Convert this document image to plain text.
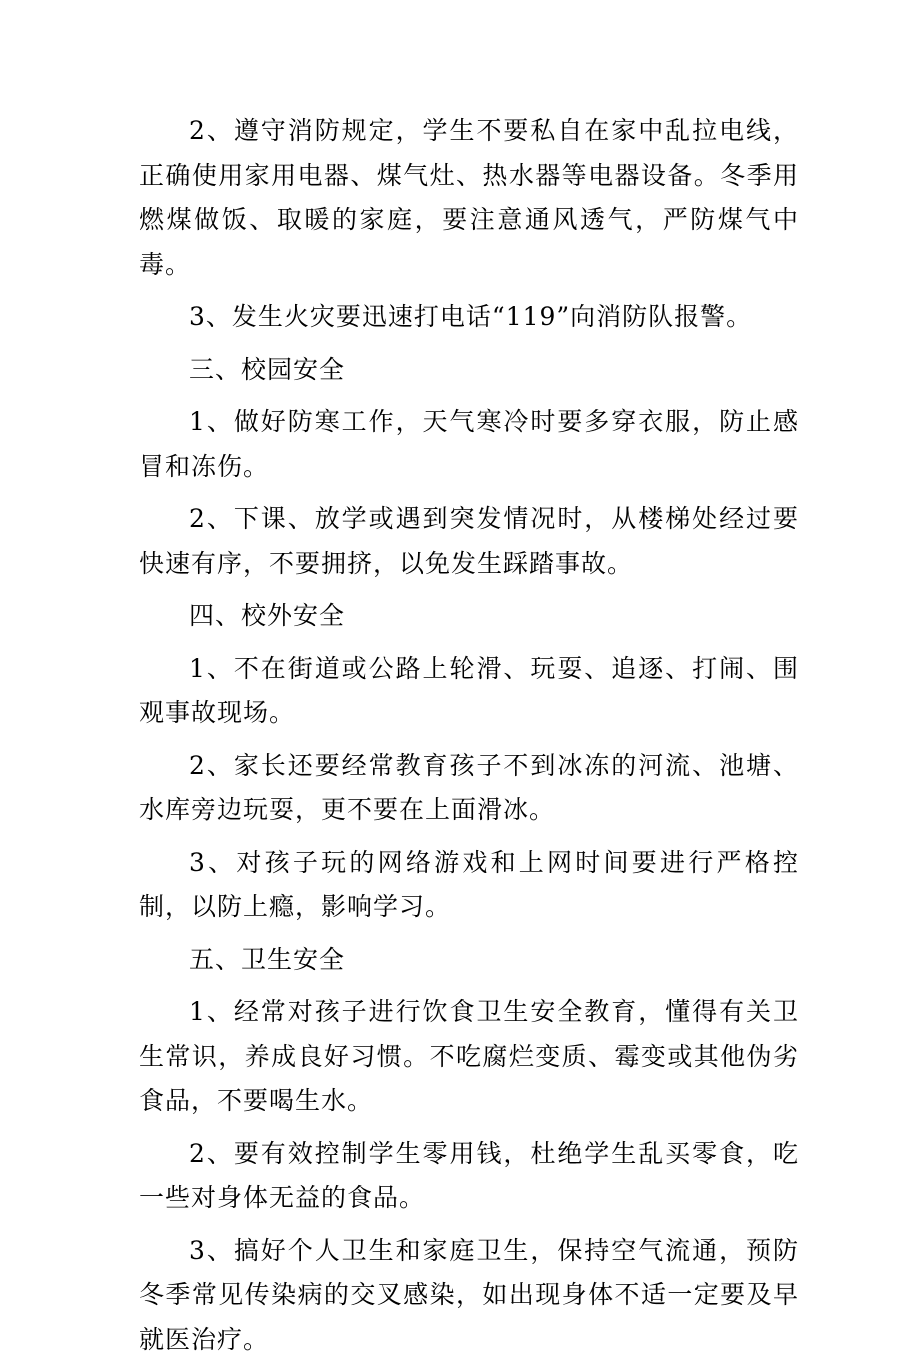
2、遵守消防规定，学生不要私自在家中乱拉电线，正确使用家用电器、煤气灶、热水器等电器设备。冬季用燃煤做饭、取暖的家庭，要注意通风透气，严防煤气中毒。

3、发生火灾要迅速打电话“119”向消防队报警。

三、校园安全

1、做好防寒工作，天气寒冷时要多穿衣服，防止感冒和冻伤。

2、下课、放学或遇到突发情况时，从楼梯处经过要快速有序，不要拥挤，以免发生踩踏事故。

四、校外安全

1、不在街道或公路上轮滑、玩耍、追逐、打闹、围观事故现场。

2、家长还要经常教育孩子不到冰冻的河流、池塘、水库旁边玩耍，更不要在上面滑冰。

3、对孩子玩的网络游戏和上网时间要进行严格控制，以防上瘾，影响学习。

五、卫生安全

1、经常对孩子进行饮食卫生安全教育，懂得有关卫生常识，养成良好习惯。不吃腐烂变质、霉变或其他伪劣食品，不要喝生水。

2、要有效控制学生零用钱，杜绝学生乱买零食，吃一些对身体无益的食品。

3、搞好个人卫生和家庭卫生，保持空气流通，预防冬季常见传染病的交叉感染，如出现身体不适一定要及早就医治疗。
